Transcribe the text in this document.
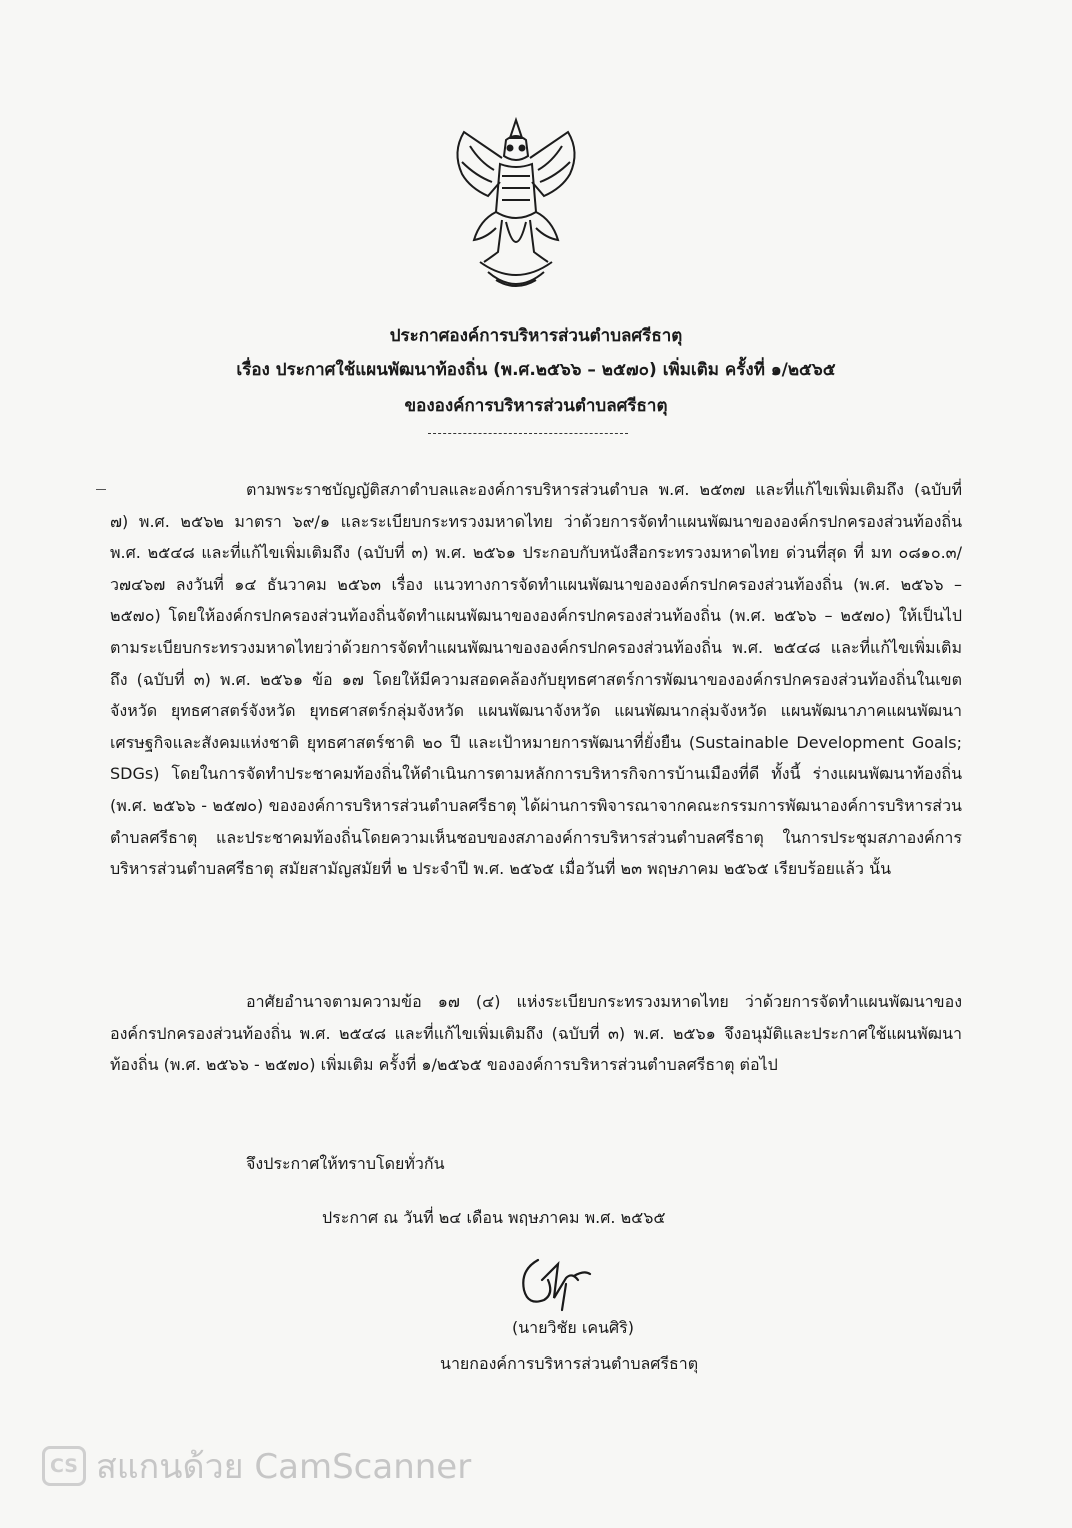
ประกาศองค์การบริหารส่วนตำบลศรีธาตุ
เรื่อง ประกาศใช้แผนพัฒนาท้องถิ่น (พ.ศ.๒๕๖๖ – ๒๕๗๐) เพิ่มเติม ครั้งที่ ๑/๒๕๖๕
ขององค์การบริหารส่วนตำบลศรีธาตุ
ตามพระราชบัญญัติสภาตำบลและองค์การบริหารส่วนตำบล พ.ศ. ๒๕๓๗ และที่แก้ไขเพิ่มเติมถึง (ฉบับที่ ๗) พ.ศ. ๒๕๖๒ มาตรา ๖๙/๑ และระเบียบกระทรวงมหาดไทย ว่าด้วยการจัดทำแผนพัฒนาขององค์กรปกครองส่วนท้องถิ่น พ.ศ. ๒๕๔๘ และที่แก้ไขเพิ่มเติมถึง (ฉบับที่ ๓) พ.ศ. ๒๕๖๑ ประกอบกับหนังสือกระทรวงมหาดไทย ด่วนที่สุด ที่ มท ๐๘๑๐.๓/ว๗๔๖๗ ลงวันที่ ๑๔ ธันวาคม ๒๕๖๓ เรื่อง แนวทางการจัดทำแผนพัฒนาขององค์กรปกครองส่วนท้องถิ่น (พ.ศ. ๒๕๖๖ – ๒๕๗๐) โดยให้องค์กรปกครองส่วนท้องถิ่นจัดทำแผนพัฒนาขององค์กรปกครองส่วนท้องถิ่น (พ.ศ. ๒๕๖๖ – ๒๕๗๐) ให้เป็นไปตามระเบียบกระทรวงมหาดไทยว่าด้วยการจัดทำแผนพัฒนาขององค์กรปกครองส่วนท้องถิ่น พ.ศ. ๒๕๔๘ และที่แก้ไขเพิ่มเติมถึง (ฉบับที่ ๓) พ.ศ. ๒๕๖๑ ข้อ ๑๗ โดยให้มีความสอดคล้องกับยุทธศาสตร์การพัฒนาขององค์กรปกครองส่วนท้องถิ่นในเขตจังหวัด ยุทธศาสตร์จังหวัด ยุทธศาสตร์กลุ่มจังหวัด แผนพัฒนาจังหวัด แผนพัฒนากลุ่มจังหวัด แผนพัฒนาภาคแผนพัฒนาเศรษฐกิจและสังคมแห่งชาติ ยุทธศาสตร์ชาติ ๒๐ ปี และเป้าหมายการพัฒนาที่ยั่งยืน (Sustainable Development Goals; SDGs) โดยในการจัดทำประชาคมท้องถิ่นให้ดำเนินการตามหลักการบริหารกิจการบ้านเมืองที่ดี ทั้งนี้ ร่างแผนพัฒนาท้องถิ่น (พ.ศ. ๒๕๖๖ - ๒๕๗๐) ขององค์การบริหารส่วนตำบลศรีธาตุ ได้ผ่านการพิจารณาจากคณะกรรมการพัฒนาองค์การบริหารส่วนตำบลศรีธาตุ และประชาคมท้องถิ่นโดยความเห็นชอบของสภาองค์การบริหารส่วนตำบลศรีธาตุ ในการประชุมสภาองค์การบริหารส่วนตำบลศรีธาตุ สมัยสามัญสมัยที่ ๒ ประจำปี พ.ศ. ๒๕๖๕ เมื่อวันที่ ๒๓ พฤษภาคม ๒๕๖๕ เรียบร้อยแล้ว นั้น
อาศัยอำนาจตามความข้อ ๑๗ (๔) แห่งระเบียบกระทรวงมหาดไทย ว่าด้วยการจัดทำแผนพัฒนาขององค์กรปกครองส่วนท้องถิ่น พ.ศ. ๒๕๔๘ และที่แก้ไขเพิ่มเติมถึง (ฉบับที่ ๓) พ.ศ. ๒๕๖๑ จึงอนุมัติและประกาศใช้แผนพัฒนาท้องถิ่น (พ.ศ. ๒๕๖๖ - ๒๕๗๐) เพิ่มเติม ครั้งที่ ๑/๒๕๖๕ ขององค์การบริหารส่วนตำบลศรีธาตุ ต่อไป
จึงประกาศให้ทราบโดยทั่วกัน
ประกาศ ณ วันที่ ๒๔ เดือน พฤษภาคม พ.ศ. ๒๕๖๕
(นายวิชัย เคนศิริ)
นายกองค์การบริหารส่วนตำบลศรีธาตุ
CS สแกนด้วย CamScanner
